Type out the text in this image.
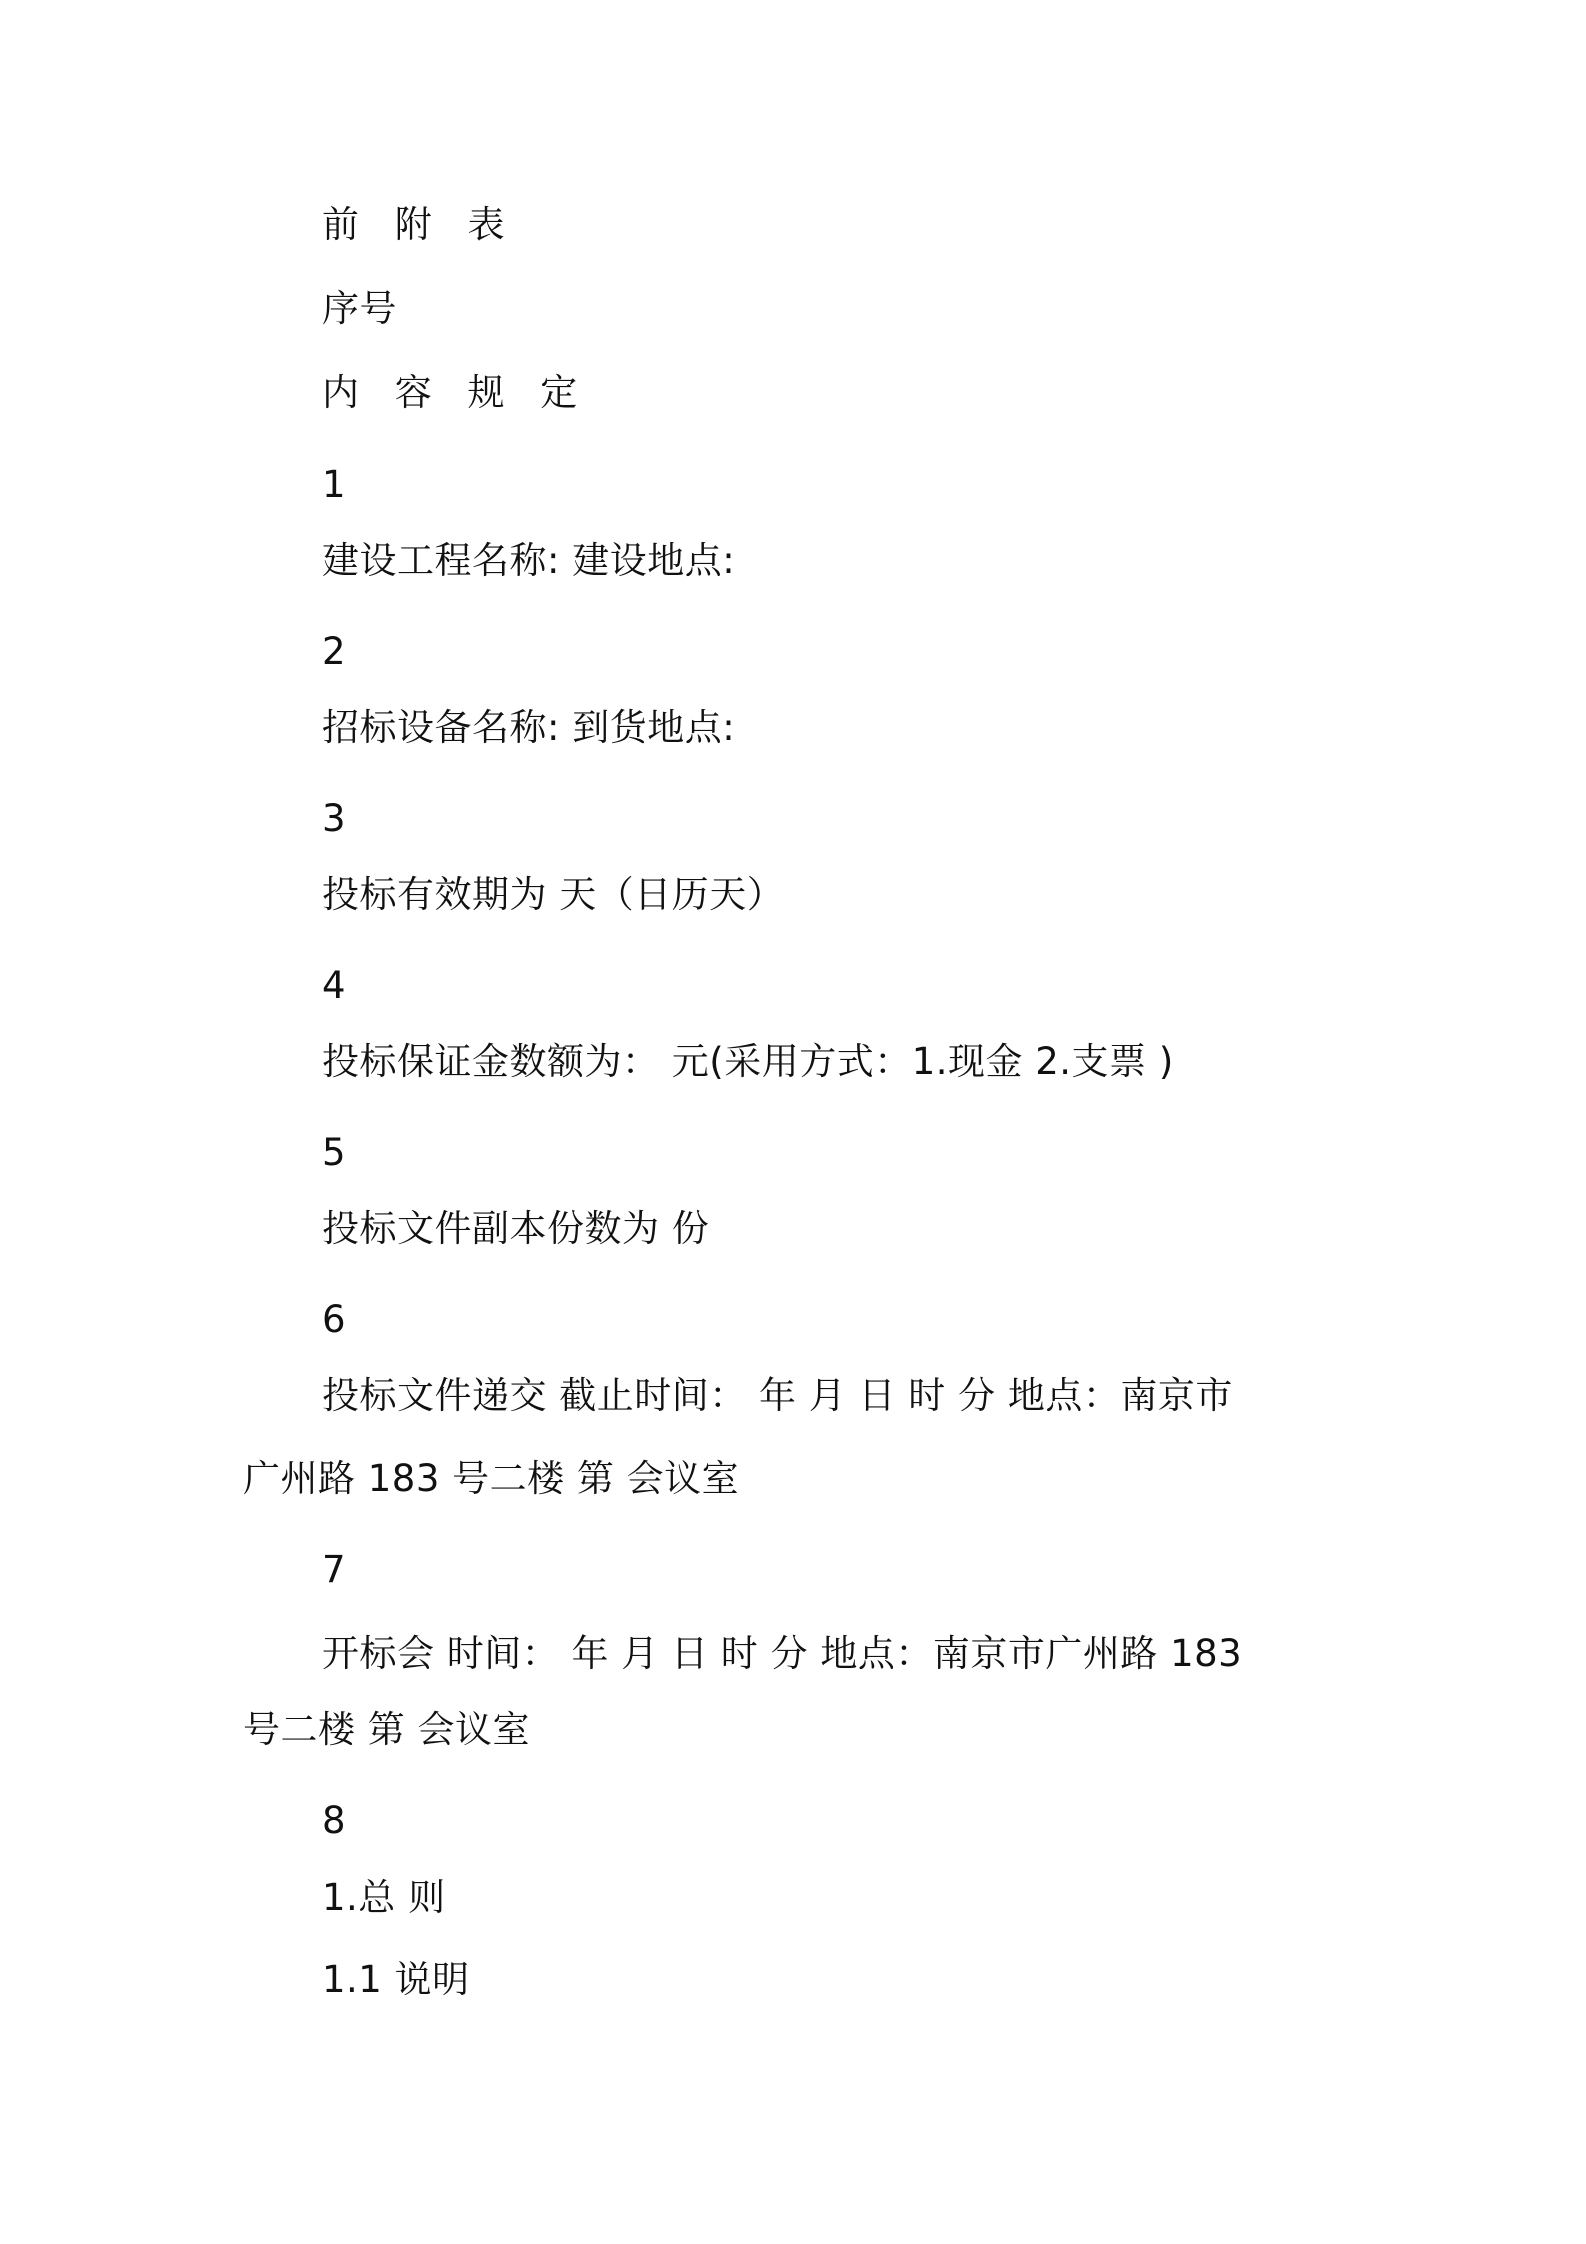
前 附 表
序号
内 容 规 定
1
建设工程名称: 建设地点:
2
招标设备名称: 到货地点:
3
投标有效期为 天（日历天）
4
投标保证金数额为： 元(采用方式：1.现金 2.支票 )
5
投标文件副本份数为 份
6
投标文件递交 截止时间： 年 月 日 时 分 地点：南京市
广州路 183 号二楼 第 会议室
7
开标会 时间： 年 月 日 时 分 地点：南京市广州路 183
号二楼 第 会议室
8
1.总 则
1.1 说明
